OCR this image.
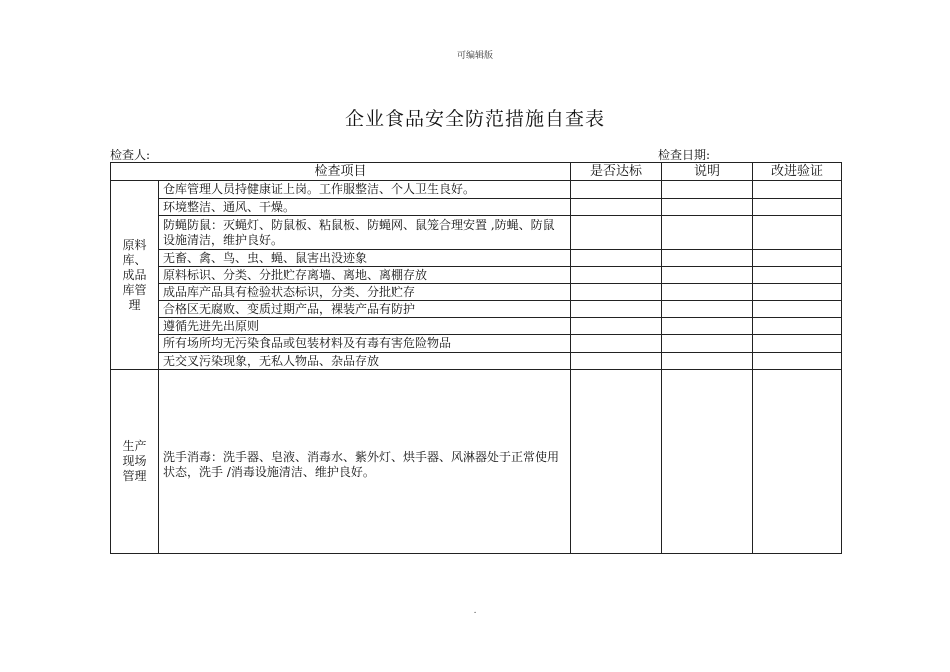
可编辑版
企业食品安全防范措施自查表
检查人:	检查日期:
检查项目		是否达标	说明	改进验证

原料
库、
成品
库管
理	仓库管理人员持健康证上岗。工作服整洁、个人卫生良好。			
	环境整洁、通风、干燥。			
	防蝇防鼠：灭蝇灯、防鼠板、粘鼠板、防蝇网、鼠笼合理安置 ,防蝇、防鼠设施清洁，维护良好。			
	无畜、禽、鸟、虫、蝇、鼠害出没迹象			
	原料标识、分类、分批贮存离墙、离地、离棚存放			
	成品库产品具有检验状态标识，分类、分批贮存			
	合格区无腐败、变质过期产品，裸装产品有防护			
	遵循先进先出原则			
	所有场所均无污染食品或包装材料及有毒有害危险物品			
	无交叉污染现象，无私人物品、杂品存放			

生产
现场
管理	洗手消毒：洗手器、皂液、消毒水、紫外灯、烘手器、风淋器处于正常使用状态，洗手 /消毒设施清洁、维护良好。			
.
